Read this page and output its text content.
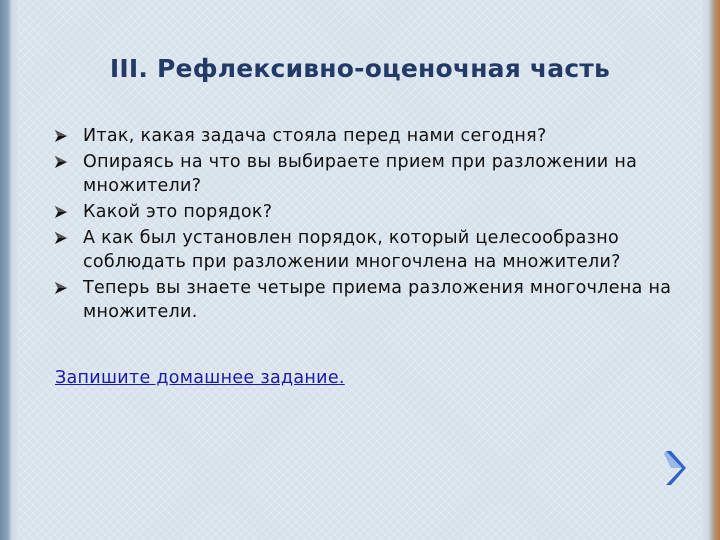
III. Рефлексивно-оценочная часть
Итак, какая задача стояла перед нами сегодня?
Опираясь на что вы выбираете прием при разложении на множители?
Какой это порядок?
А как был установлен порядок, который целесообразно соблюдать при разложении многочлена на множители?
Теперь вы знаете четыре приема разложения многочлена на множители.
Запишите домашнее задание.
